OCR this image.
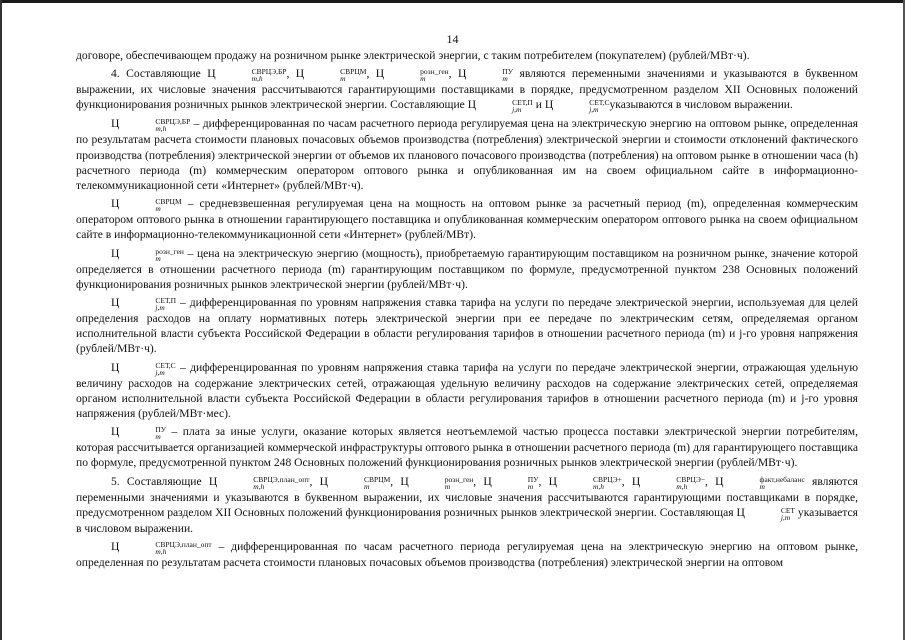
14

договоре, обеспечивающем продажу на розничном рынке электрической энергии, с таким потребителем (покупателем) (рублей/МВт·ч).

4. Составляющие Ц	СВРЦЭ,БР
m,h	, Ц	СВРЦМ
m	, Ц	розн_ген
m	, Ц	ПУ
m являются переменными значениями и указываются в буквенном выражении, их числовые значения рассчитываются гарантирующими поставщиками в порядке, предусмотренном разделом XII Основных положений функционирования розничных рынков электрической энергии. Составляющие Ц	СЕТ,П
j,m и Ц	СЕТ,С
j,m указываются в числовом выражении.

Ц	СВРЦЭ,БР
m,h	– дифференцированная по часам расчетного периода регулируемая цена на электрическую энергию на оптовом рынке, определенная по результатам расчета стоимости плановых почасовых объемов производства (потребления) электрической энергии и стоимости отклонений фактического производства (потребления) электрической энергии от объемов их планового почасового производства (потребления) на оптовом рынке в отношении часа (h) расчетного периода (m) коммерческим оператором оптового рынка и опубликованная им на своем официальном сайте в информационно-телекоммуникационной сети «Интернет» (рублей/МВт·ч).

Ц	СВРЦМ
m	– средневзвешенная регулируемая цена на мощность на оптовом рынке за расчетный период (m), определенная коммерческим оператором оптового рынка в отношении гарантирующего поставщика и опубликованная коммерческим оператором оптового рынка на своем официальном сайте в информационно-телекоммуникационной сети «Интернет» (рублей/МВт).

Ц	розн_ген
m	– цена на электрическую энергию (мощность), приобретаемую гарантирующим поставщиком на розничном рынке, значение которой определяется в отношении расчетного периода (m) гарантирующим поставщиком по формуле, предусмотренной пунктом 238 Основных положений функционирования розничных рынков электрической энергии (рублей/МВт·ч).

Ц	СЕТ,П
j,m – дифференцированная по уровням напряжения ставка тарифа на услуги по передаче электрической энергии, используемая для целей определения расходов на оплату нормативных потерь электрической энергии при ее передаче по электрическим сетям, определяемая органом исполнительной власти субъекта Российской Федерации в области регулирования тарифов в отношении расчетного периода (m) и j-го уровня напряжения (рублей/МВт·ч).

Ц	СЕТ,С
j,m – дифференцированная по уровням напряжения ставка тарифа на услуги по передаче электрической энергии, отражающая удельную величину расходов на содержание электрических сетей, отражающая удельную величину расходов на содержание электрических сетей, определяемая органом исполнительной власти субъекта Российской Федерации в области регулирования тарифов в отношении расчетного периода (m) и j-го уровня напряжения (рублей/МВт·мес).

Ц	ПУ
m – плата за иные услуги, оказание которых является неотъемлемой частью процесса поставки электрической энергии потребителям, которая рассчитывается организацией коммерческой инфраструктуры оптового рынка в отношении расчетного периода (m) для гарантирующего поставщика по формуле, предусмотренной пунктом 248 Основных положений функционирования розничных рынков электрической энергии (рублей/МВт·ч).

5. Составляющие Ц	СВРЦЭ,план_опт
m,h	, Ц	СВРЦМ
m	, Ц	розн_ген
m	, Ц	ПУ
m , Ц	СВРЦЭ+
m,h	, Ц	СВРЦЭ−
m,h	, Ц	факт,небаланс
m	являются переменными значениями и указываются в буквенном выражении, их числовые значения рассчитываются гарантирующими поставщиками в порядке, предусмотренном разделом XII Основных положений функционирования розничных рынков электрической энергии. Составляющая Ц	СЕТ
j,m указывается в числовом выражении.

Ц	СВРЦЭ,план_опт
m,h	– дифференцированная по часам расчетного периода регулируемая цена на электрическую энергию на оптовом рынке, определенная по результатам расчета стоимости плановых почасовых объемов производства (потребления) электрической энергии на оптовом
